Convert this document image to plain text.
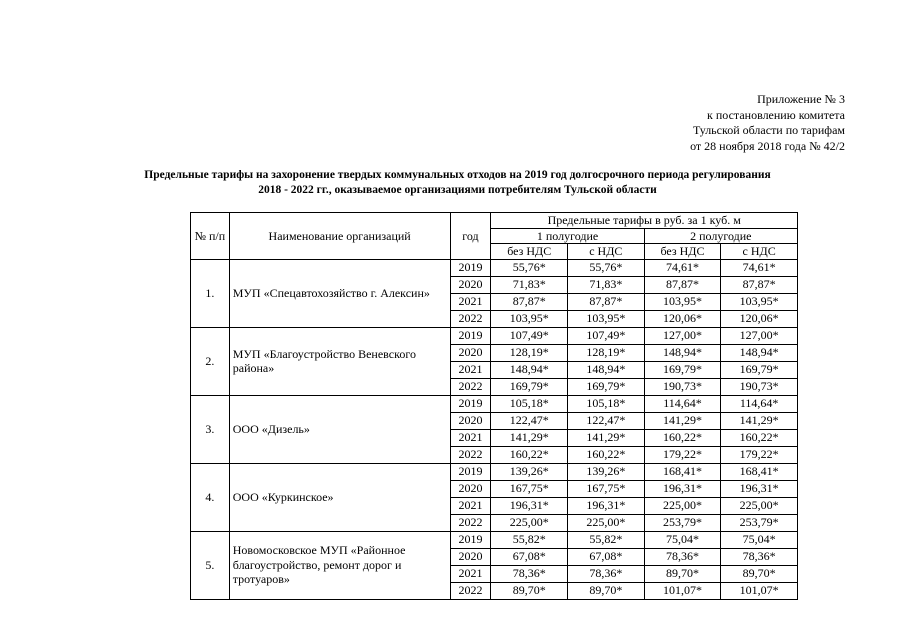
Приложение № 3
к постановлению комитета
Тульской области по тарифам
от 28 ноября 2018 года № 42/2
Предельные тарифы на захоронение твердых коммунальных отходов на 2019 год долгосрочного периода регулирования
2018 - 2022 гг., оказываемое организациями потребителям Тульской области
№ п/п	Наименование организаций	год	Предельные тарифы в руб. за 1 куб. м			
			1 полугодие		2 полугодие	
			без НДС	с НДС	без НДС	с НДС
1.	МУП «Спецавтохозяйство г. Алексин»	2019	55,76*	55,76*	74,61*	74,61*
		2020	71,83*	71,83*	87,87*	87,87*
		2021	87,87*	87,87*	103,95*	103,95*
		2022	103,95*	103,95*	120,06*	120,06*
2.	МУП «Благоустройство Веневского района»	2019	107,49*	107,49*	127,00*	127,00*
		2020	128,19*	128,19*	148,94*	148,94*
		2021	148,94*	148,94*	169,79*	169,79*
		2022	169,79*	169,79*	190,73*	190,73*
3.	ООО «Дизель»	2019	105,18*	105,18*	114,64*	114,64*
		2020	122,47*	122,47*	141,29*	141,29*
		2021	141,29*	141,29*	160,22*	160,22*
		2022	160,22*	160,22*	179,22*	179,22*
4.	ООО «Куркинское»	2019	139,26*	139,26*	168,41*	168,41*
		2020	167,75*	167,75*	196,31*	196,31*
		2021	196,31*	196,31*	225,00*	225,00*
		2022	225,00*	225,00*	253,79*	253,79*
5.	Новомосковское МУП «Районное благоустройство, ремонт дорог и тротуаров»	2019	55,82*	55,82*	75,04*	75,04*
		2020	67,08*	67,08*	78,36*	78,36*
		2021	78,36*	78,36*	89,70*	89,70*
		2022	89,70*	89,70*	101,07*	101,07*
